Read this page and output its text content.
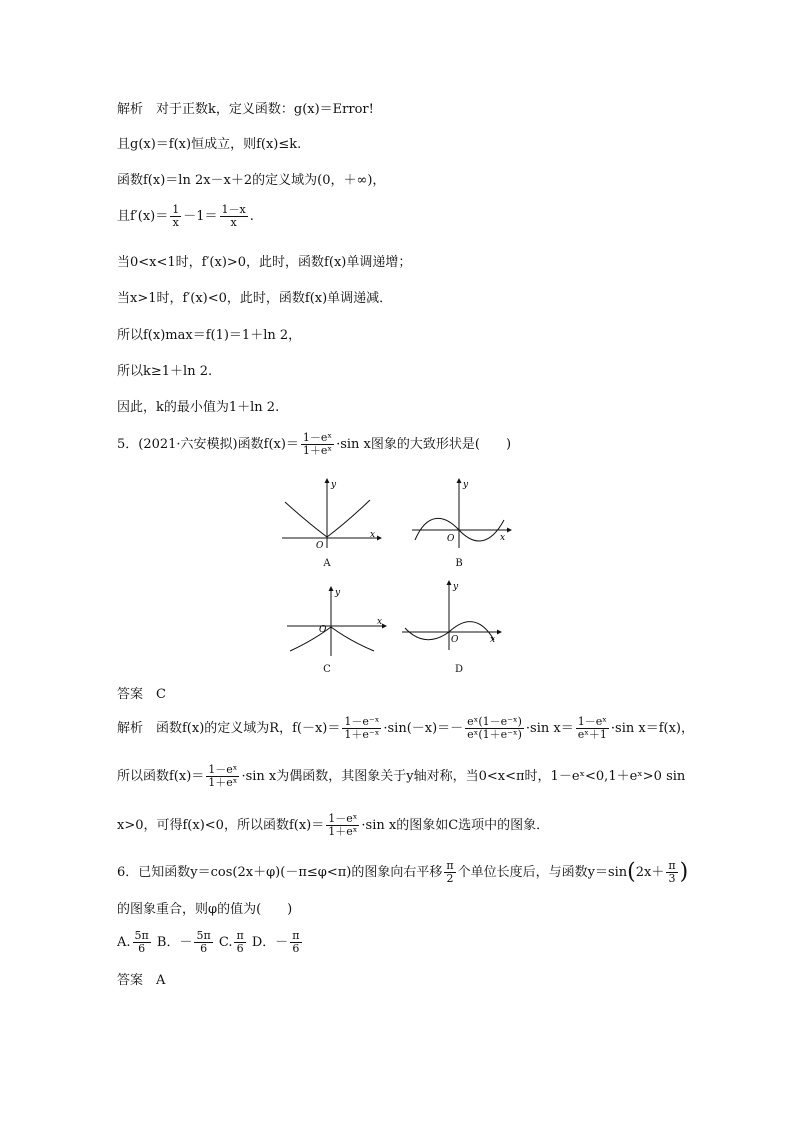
解析　对于正数k，定义函数：g(x)＝Error!
且g(x)＝f(x)恒成立，则f(x)≤k.
函数f(x)＝ln 2x－x＋2的定义域为(0，＋∞)，
且$f'(x)= \frac{1}{x} -1= \frac{1-x}{x}$ .
当0<x<1时，f′(x)>0，此时，函数f(x)单调递增；
当x>1时，f′(x)<0，此时，函数f(x)单调递减．
所以f(x)max＝f(1)＝1＋ln 2，
所以k≥1＋ln 2.
因此，k的最小值为1＋ln 2.
5．(2021·六安模拟)函数$f(x)= \frac{\text{1－eˣ}}{\text{1＋eˣ}} \cdot\sin$ x图象的大致形状是(　　)
y
x
O
A
y
x
O
B
y
x
O
C
y
x
O
D
答案　C
解析　函数f(x)的定义域为R，$f(-x)= \frac{\text{1－e⁻ˣ}}{\text{1＋e⁻ˣ}} \cdot\sin(-x)=- \frac{\text{eˣ(1－e⁻ˣ)}}{\text{eˣ(1＋e⁻ˣ)}} \cdot\sin$ $x= \frac{\text{1－eˣ}}{\text{eˣ＋1}} \cdot\sin$ x＝f(x)，
所以函数$f(x)= \frac{\text{1－eˣ}}{\text{1＋eˣ}} \cdot\sin$ x为偶函数，其图象关于y轴对称，当0<x<π时，1－eˣ<0,1＋eˣ>0 sin
x>0，可得f(x)<0，所以函数$f(x)= \frac{\text{1－eˣ}}{\text{1＋eˣ}} \cdot\sin$ x的图象如C选项中的图象．
6．已知函数y＝cos(2x＋φ)(－π≤φ<π)的图象向右平移 $\frac{\pi}{2}$ 个单位长度后，与函数$y=\sin(2x+ \frac{\pi}{3}$ )
的图象重合，则φ的值为(　　)
A. $\frac{5\pi}{6}$ B．－ $\frac{5\pi}{6} C$. $\frac{\pi}{6}$ D．－ $\frac{\pi}{6}$
答案　A
